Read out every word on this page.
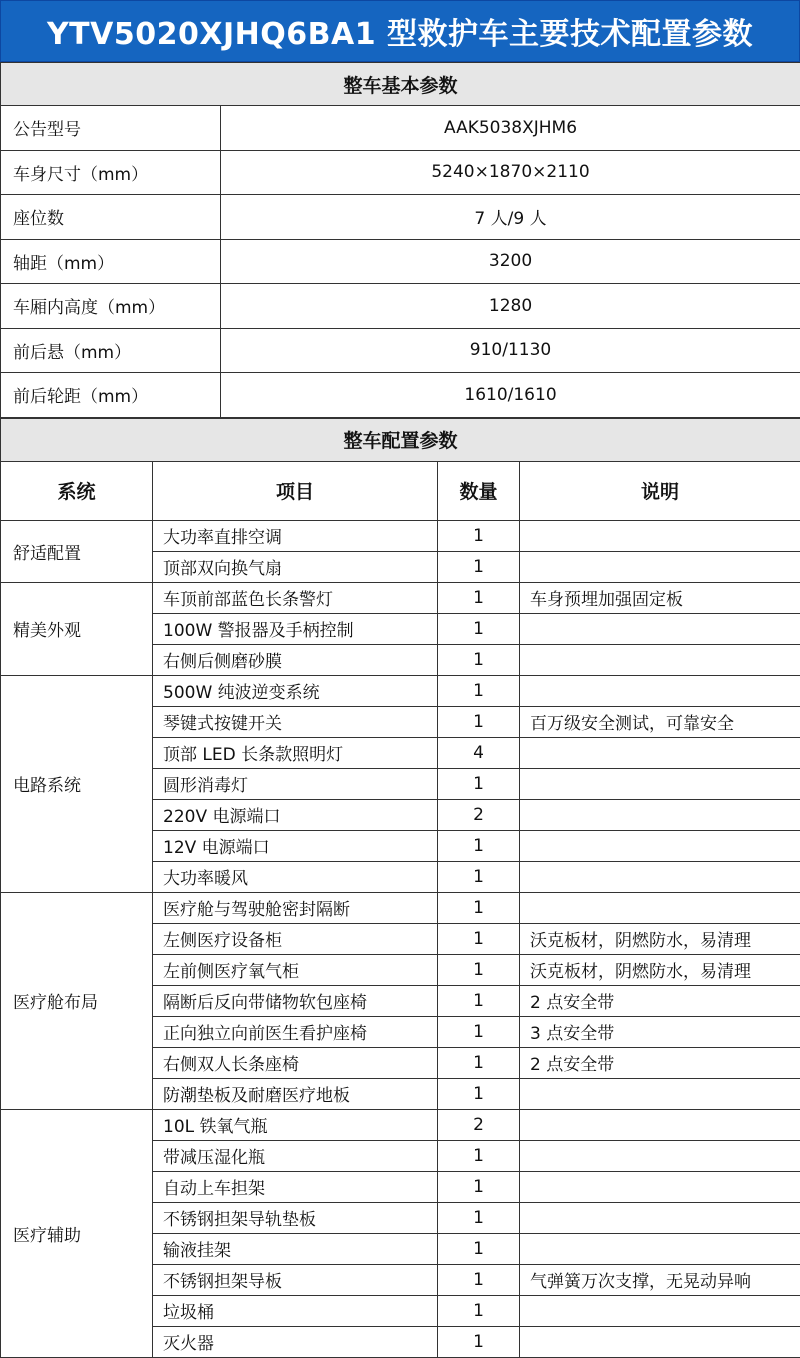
YTV5020XJHQ6BA1 型救护车主要技术配置参数
整车基本参数	
公告型号	AAK5038XJHM6
车身尺寸（mm）	5240×1870×2110
座位数	7 人/9 人
轴距（mm）	3200
车厢内高度（mm）	1280
前后悬（mm）	910/1130
前后轮距（mm）	1610/1610
整车配置参数			
系统	项目	数量	说明
舒适配置	大功率直排空调	1	
	顶部双向换气扇	1	
精美外观	车顶前部蓝色长条警灯	1	车身预埋加强固定板
	100W 警报器及手柄控制	1	
	右侧后侧磨砂膜	1	
电路系统	500W 纯波逆变系统	1	
	琴键式按键开关	1	百万级安全测试，可靠安全
	顶部 LED 长条款照明灯	4	
	圆形消毒灯	1	
	220V 电源端口	2	
	12V 电源端口	1	
	大功率暖风	1	
医疗舱布局	医疗舱与驾驶舱密封隔断	1	
	左侧医疗设备柜	1	沃克板材，阴燃防水，易清理
	左前侧医疗氧气柜	1	沃克板材，阴燃防水，易清理
	隔断后反向带储物软包座椅	1	2 点安全带
	正向独立向前医生看护座椅	1	3 点安全带
	右侧双人长条座椅	1	2 点安全带
	防潮垫板及耐磨医疗地板	1	
医疗辅助	10L 铁氧气瓶	2	
	带减压湿化瓶	1	
	自动上车担架	1	
	不锈钢担架导轨垫板	1	
	输液挂架	1	
	不锈钢担架导板	1	气弹簧万次支撑，无晃动异响
	垃圾桶	1	
	灭火器	1	
